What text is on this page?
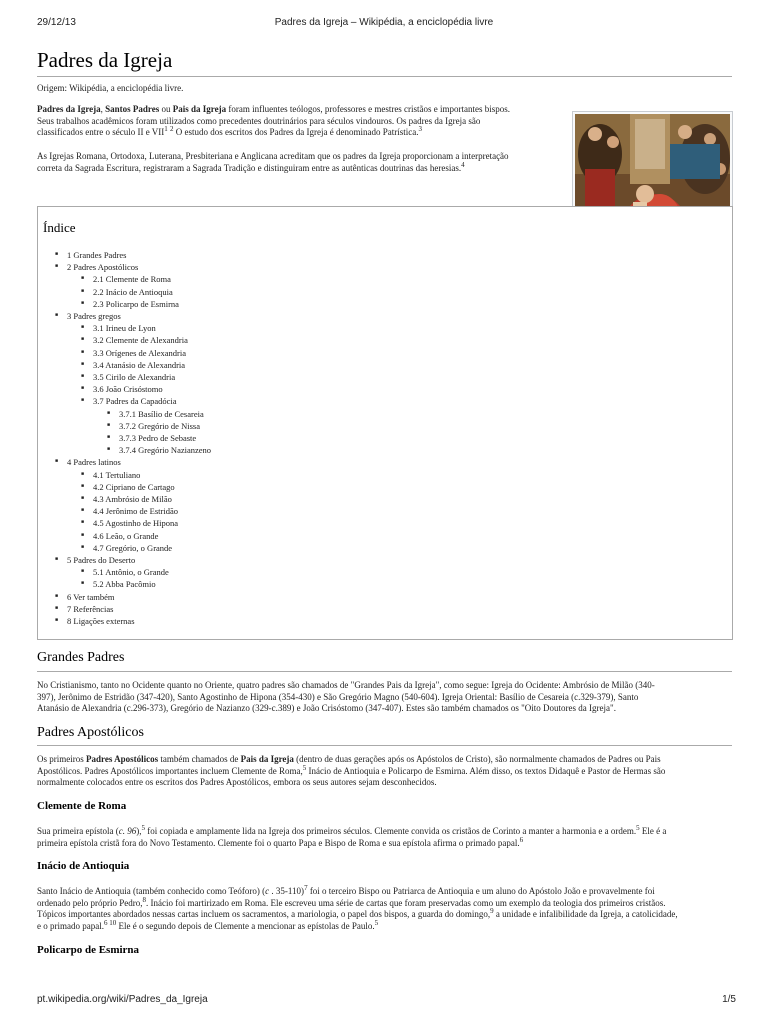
29/12/13	Padres da Igreja – Wikipédia, a enciclopédia livre
Padres da Igreja
Origem: Wikipédia, a enciclopédia livre.

Padres da Igreja, Santos Padres ou Pais da Igreja foram influentes teólogos, professores e mestres cristãos e importantes bispos.
Seus trabalhos acadêmicos foram utilizados como precedentes doutrinários para séculos vindouros. Os padres da Igreja são
classificados entre o século II e VII$^1$ $^2$ O estudo dos escritos dos Padres da Igreja é denominado Patrística.$^3$

As Igrejas Romana, Ortodoxa, Luterana, Presbiteriana e Anglicana acreditam que os padres da Igreja proporcionam a interpretação
correta da Sagrada Escritura, registraram a Sagrada Tradição e distinguiram entre as autênticas doutrinas das heresias.$^4$

Índice
■ 1 Grandes Padres
■ 2 Padres Apostólicos
■ 2.1 Clemente de Roma
■ 2.2 Inácio de Antioquia
■ 2.3 Policarpo de Esmirna
■ 3 Padres gregos
■ 3.1 Irineu de Lyon
■ 3.2 Clemente de Alexandria
■ 3.3 Orígenes de Alexandria
■ 3.4 Atanásio de Alexandria
■ 3.5 Cirilo de Alexandria
■ 3.6 João Crisóstomo
■ 3.7 Padres da Capadócia
■ 3.7.1 Basílio de Cesareia
■ 3.7.2 Gregório de Nissa
■ 3.7.3 Pedro de Sebaste
■ 3.7.4 Gregório Nazianzeno
■ 4 Padres latinos
■ 4.1 Tertuliano
■ 4.2 Cipriano de Cartago
■ 4.3 Ambrósio de Milão
■ 4.4 Jerônimo de Estridão
■ 4.5 Agostinho de Hipona
■ 4.6 Leão, o Grande
■ 4.7 Gregório, o Grande
■ 5 Padres do Deserto
■ 5.1 Antônio, o Grande
■ 5.2 Abba Pacômio
■ 6 Ver também
■ 7 Referências
■ 8 Ligações externas
Grandes Padres

No Cristianismo, tanto no Ocidente quanto no Oriente, quatro padres são chamados de "Grandes Pais da Igreja", como segue: Igreja do Ocidente: Ambrósio de Milão (340-
397), Jerônimo de Estridão (347-420), Santo Agostinho de Hipona (354-430) e São Gregório Magno (540-604). Igreja Oriental: Basílio de Cesareia (c.329-379), Santo
Atanásio de Alexandria (c.296-373), Gregório de Nazianzo (329-c.389) e João Crisóstomo (347-407). Estes são também chamados os "Oito Doutores da Igreja".

Padres Apostólicos

Os primeiros Padres Apostólicos também chamados de Pais da Igreja (dentro de duas gerações após os Apóstolos de Cristo), são normalmente chamados de Padres ou Pais
Apostólicos. Padres Apostólicos importantes incluem Clemente de Roma,$^5$ Inácio de Antioquia e Policarpo de Esmirna. Além disso, os textos Didaquê e Pastor de Hermas são
normalmente colocados entre os escritos dos Padres Apostólicos, embora os seus autores sejam desconhecidos.

Clemente de Roma

Sua primeira epístola (c. 96),$^5$ foi copiada e amplamente lida na Igreja dos primeiros séculos. Clemente convida os cristãos de Corinto a manter a harmonia e a ordem.$^5$ Ele é a
primeira epístola cristã fora do Novo Testamento. Clemente foi o quarto Papa e Bispo de Roma e sua epístola afirma o primado papal.$^6$

Inácio de Antioquia

Santo Inácio de Antioquia (também conhecido como Teóforo) (c . 35-110)$^7$ foi o terceiro Bispo ou Patriarca de Antioquia e um aluno do Apóstolo João e provavelmente foi
ordenado pelo próprio Pedro,$^8$. Inácio foi martirizado em Roma. Ele escreveu uma série de cartas que foram preservadas como um exemplo da teologia dos primeiros cristãos.
Tópicos importantes abordados nessas cartas incluem os sacramentos, a mariologia, o papel dos bispos, a guarda do domingo,$^9$ a unidade e infalibilidade da Igreja, a catolicidade,
e o primado papal.$^{6 10}$ Ele é o segundo depois de Clemente a mencionar as epístolas de Paulo.$^5$

Policarpo de Esmirna
pt.wikipedia.org/wiki/Padres_da_Igreja	1/5
